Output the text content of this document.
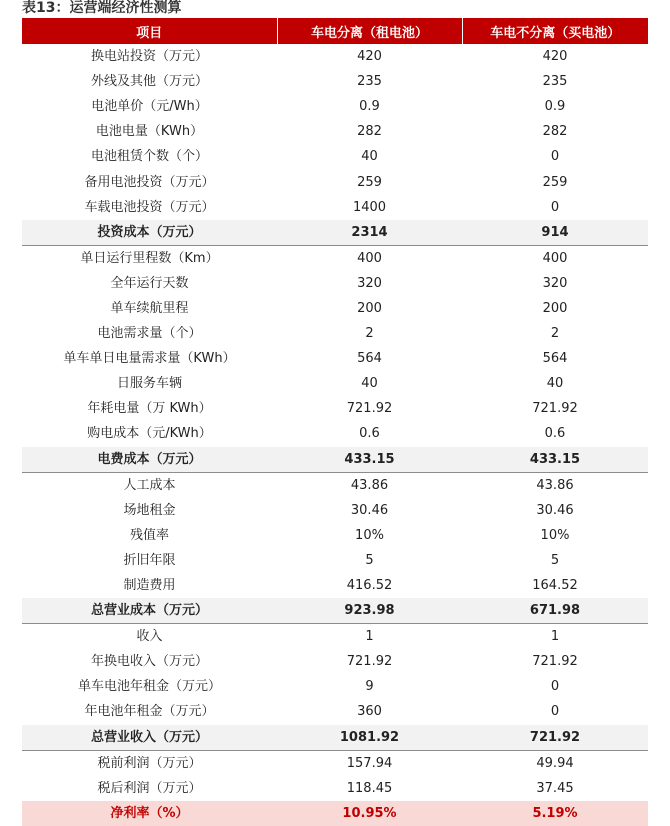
表13：运营端经济性测算
项目	车电分离（租电池）	车电不分离（买电池）
换电站投资（万元）	420	420
外线及其他（万元）	235	235
电池单价（元/Wh）	0.9	0.9
电池电量（KWh）	282	282
电池租赁个数（个）	40	0
备用电池投资（万元）	259	259
车载电池投资（万元）	1400	0
投资成本（万元）	2314	914
单日运行里程数（Km）	400	400
全年运行天数	320	320
单车续航里程	200	200
电池需求量（个）	2	2
单车单日电量需求量（KWh）	564	564
日服务车辆	40	40
年耗电量（万 KWh）	721.92	721.92
购电成本（元/KWh）	0.6	0.6
电费成本（万元）	433.15	433.15
人工成本	43.86	43.86
场地租金	30.46	30.46
残值率	10%	10%
折旧年限	5	5
制造费用	416.52	164.52
总营业成本（万元）	923.98	671.98
收入	1	1
年换电收入（万元）	721.92	721.92
单车电池年租金（万元）	9	0
年电池年租金（万元）	360	0
总营业收入（万元）	1081.92	721.92
税前利润（万元）	157.94	49.94
税后利润（万元）	118.45	37.45
净利率（%）	10.95%	5.19%
